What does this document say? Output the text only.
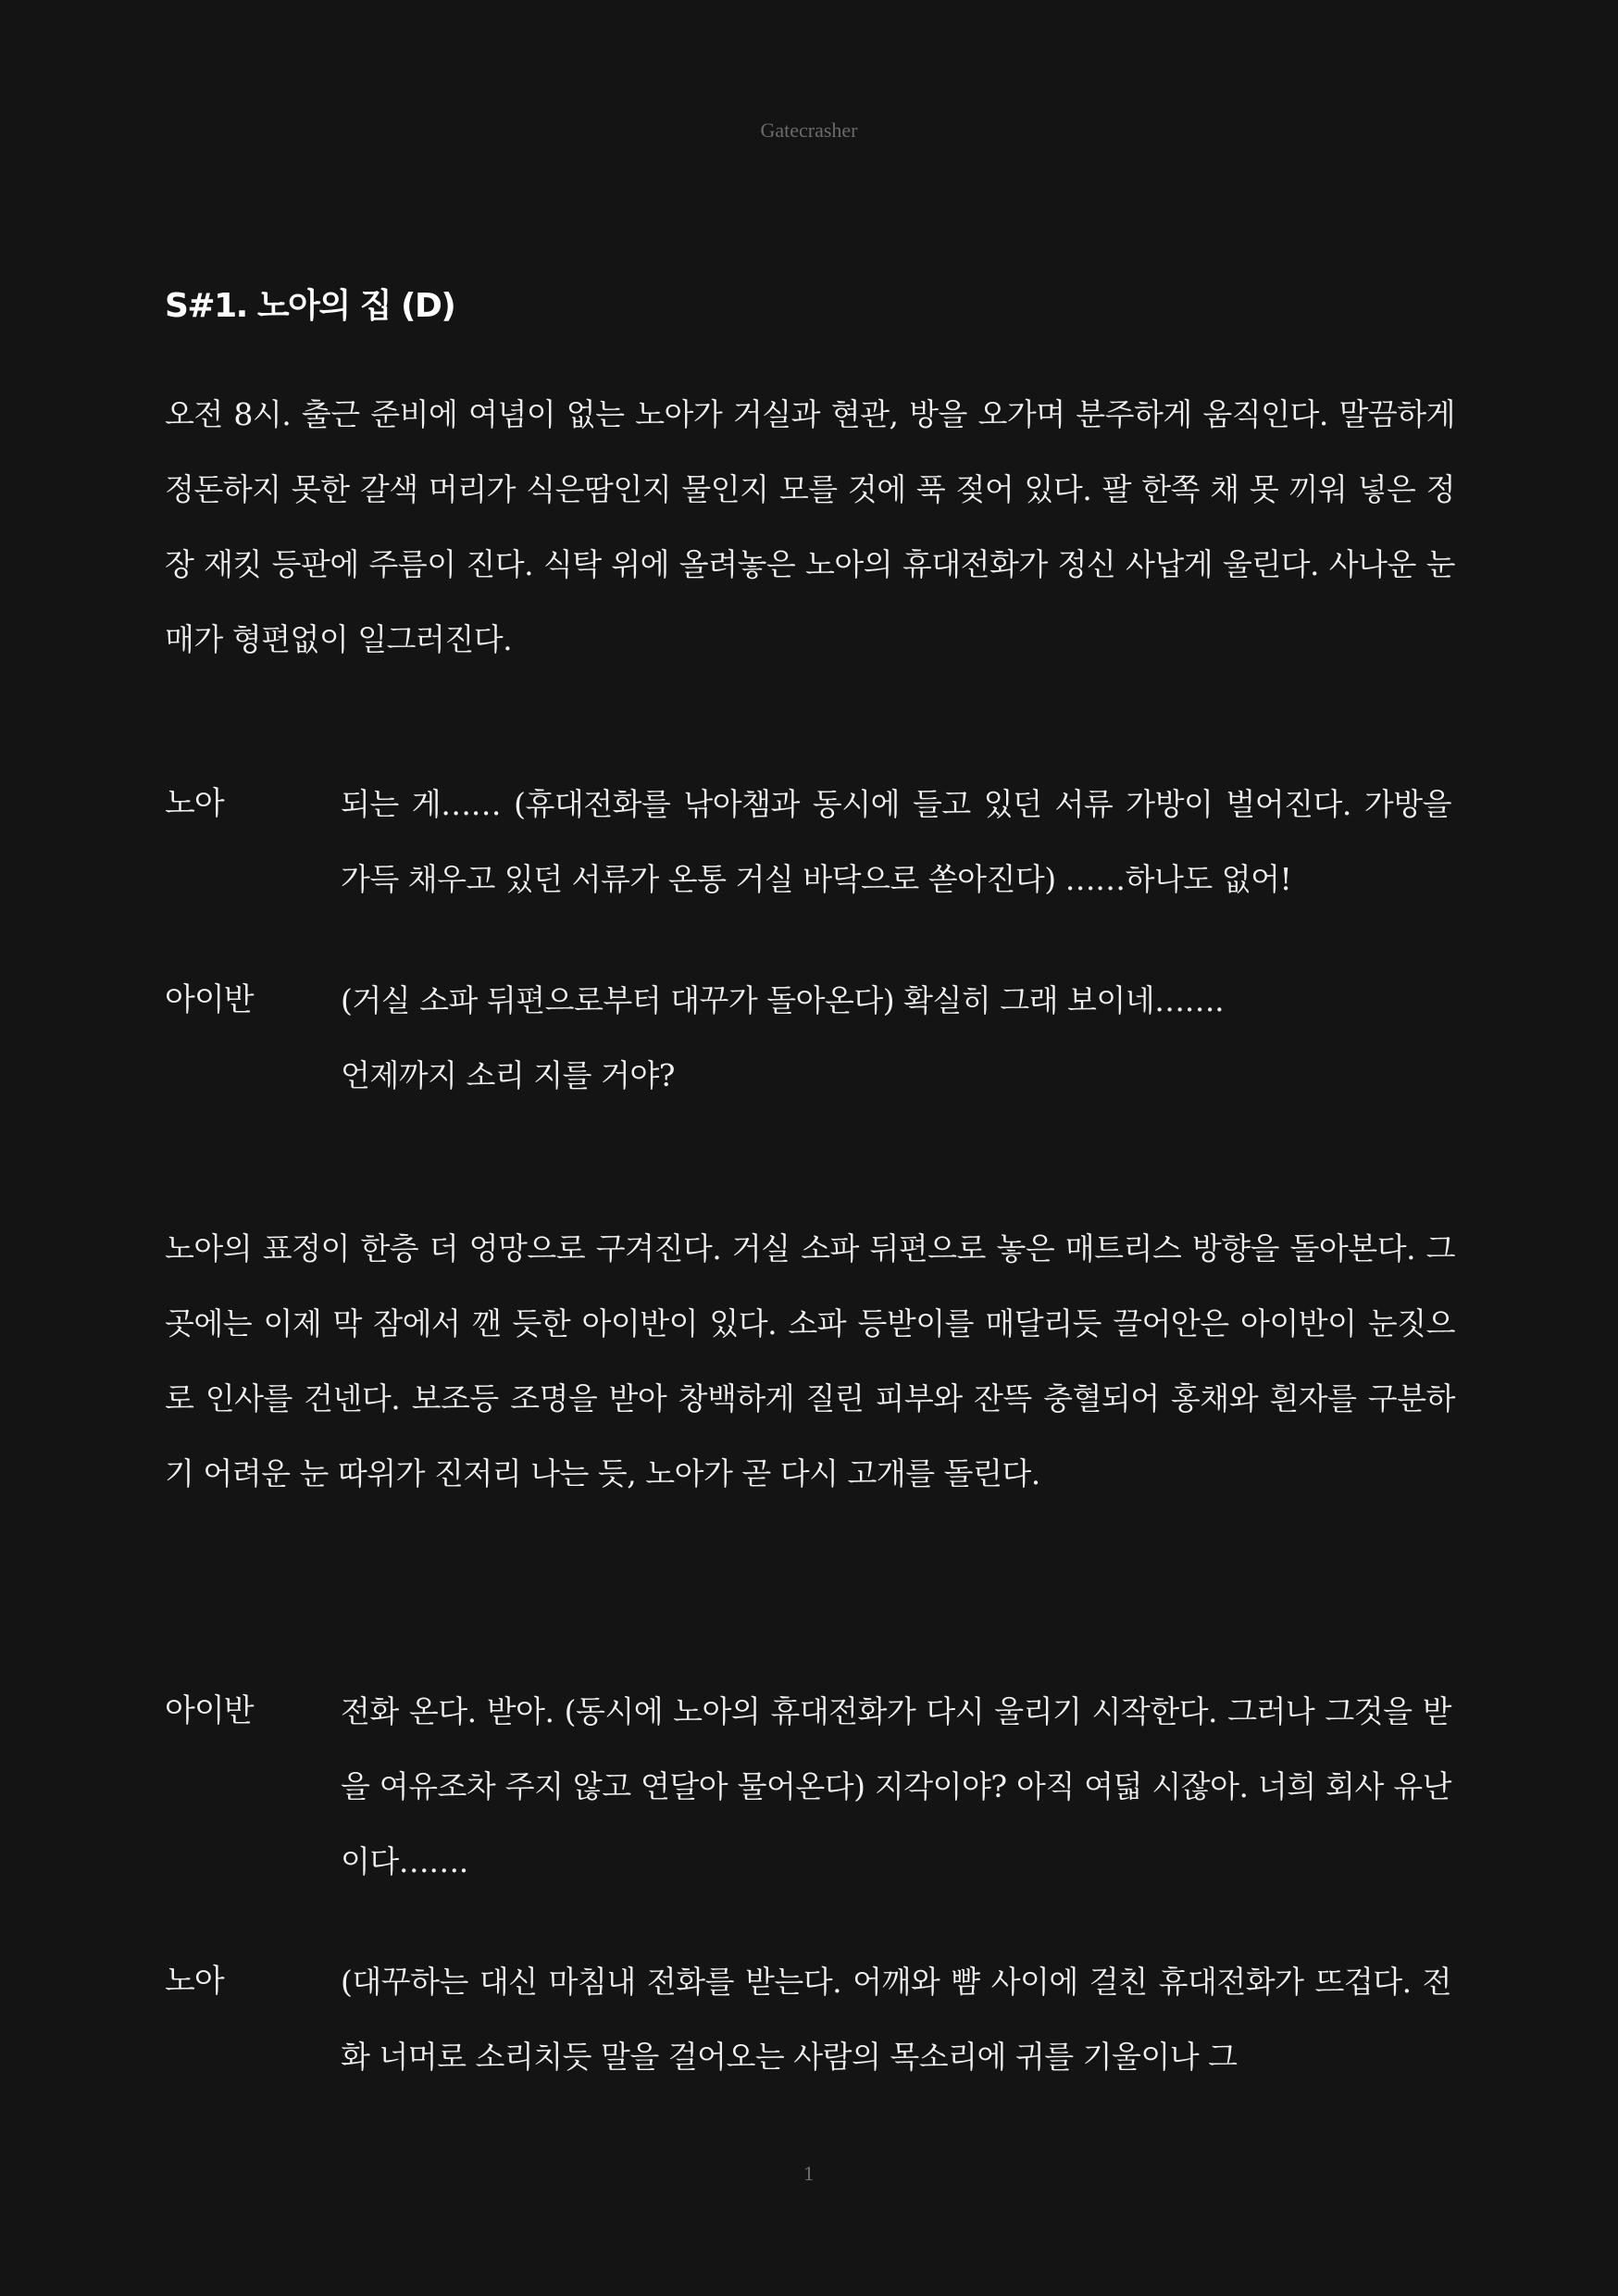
Gatecrasher
S#1. 노아의 집 (D)
오전 8시. 출근 준비에 여념이 없는 노아가 거실과 현관, 방을 오가며 분주하게 움직인다. 말끔하게 정돈하지 못한 갈색 머리가 식은땀인지 물인지 모를 것에 푹 젖어 있다. 팔 한쪽 채 못 끼워 넣은 정장 재킷 등판에 주름이 진다. 식탁 위에 올려놓은 노아의 휴대전화가 정신 사납게 울린다. 사나운 눈매가 형편없이 일그러진다.
노아	되는 게…… (휴대전화를 낚아챔과 동시에 들고 있던 서류 가방이 벌어진다. 가방을 가득 채우고 있던 서류가 온통 거실 바닥으로 쏟아진다) ……하나도 없어!
아이반	(거실 소파 뒤편으로부터 대꾸가 돌아온다) 확실히 그래 보이네…….
언제까지 소리 지를 거야?
노아의 표정이 한층 더 엉망으로 구겨진다. 거실 소파 뒤편으로 놓은 매트리스 방향을 돌아본다. 그곳에는 이제 막 잠에서 깬 듯한 아이반이 있다. 소파 등받이를 매달리듯 끌어안은 아이반이 눈짓으로 인사를 건넨다. 보조등 조명을 받아 창백하게 질린 피부와 잔뜩 충혈되어 홍채와 흰자를 구분하기 어려운 눈 따위가 진저리 나는 듯, 노아가 곧 다시 고개를 돌린다.
아이반	전화 온다. 받아. (동시에 노아의 휴대전화가 다시 울리기 시작한다. 그러나 그것을 받을 여유조차 주지 않고 연달아 물어온다) 지각이야? 아직 여덟 시잖아. 너희 회사 유난이다…….
노아	(대꾸하는 대신 마침내 전화를 받는다. 어깨와 뺨 사이에 걸친 휴대전화가 뜨겁다. 전화 너머로 소리치듯 말을 걸어오는 사람의 목소리에 귀를 기울이나 그
1
